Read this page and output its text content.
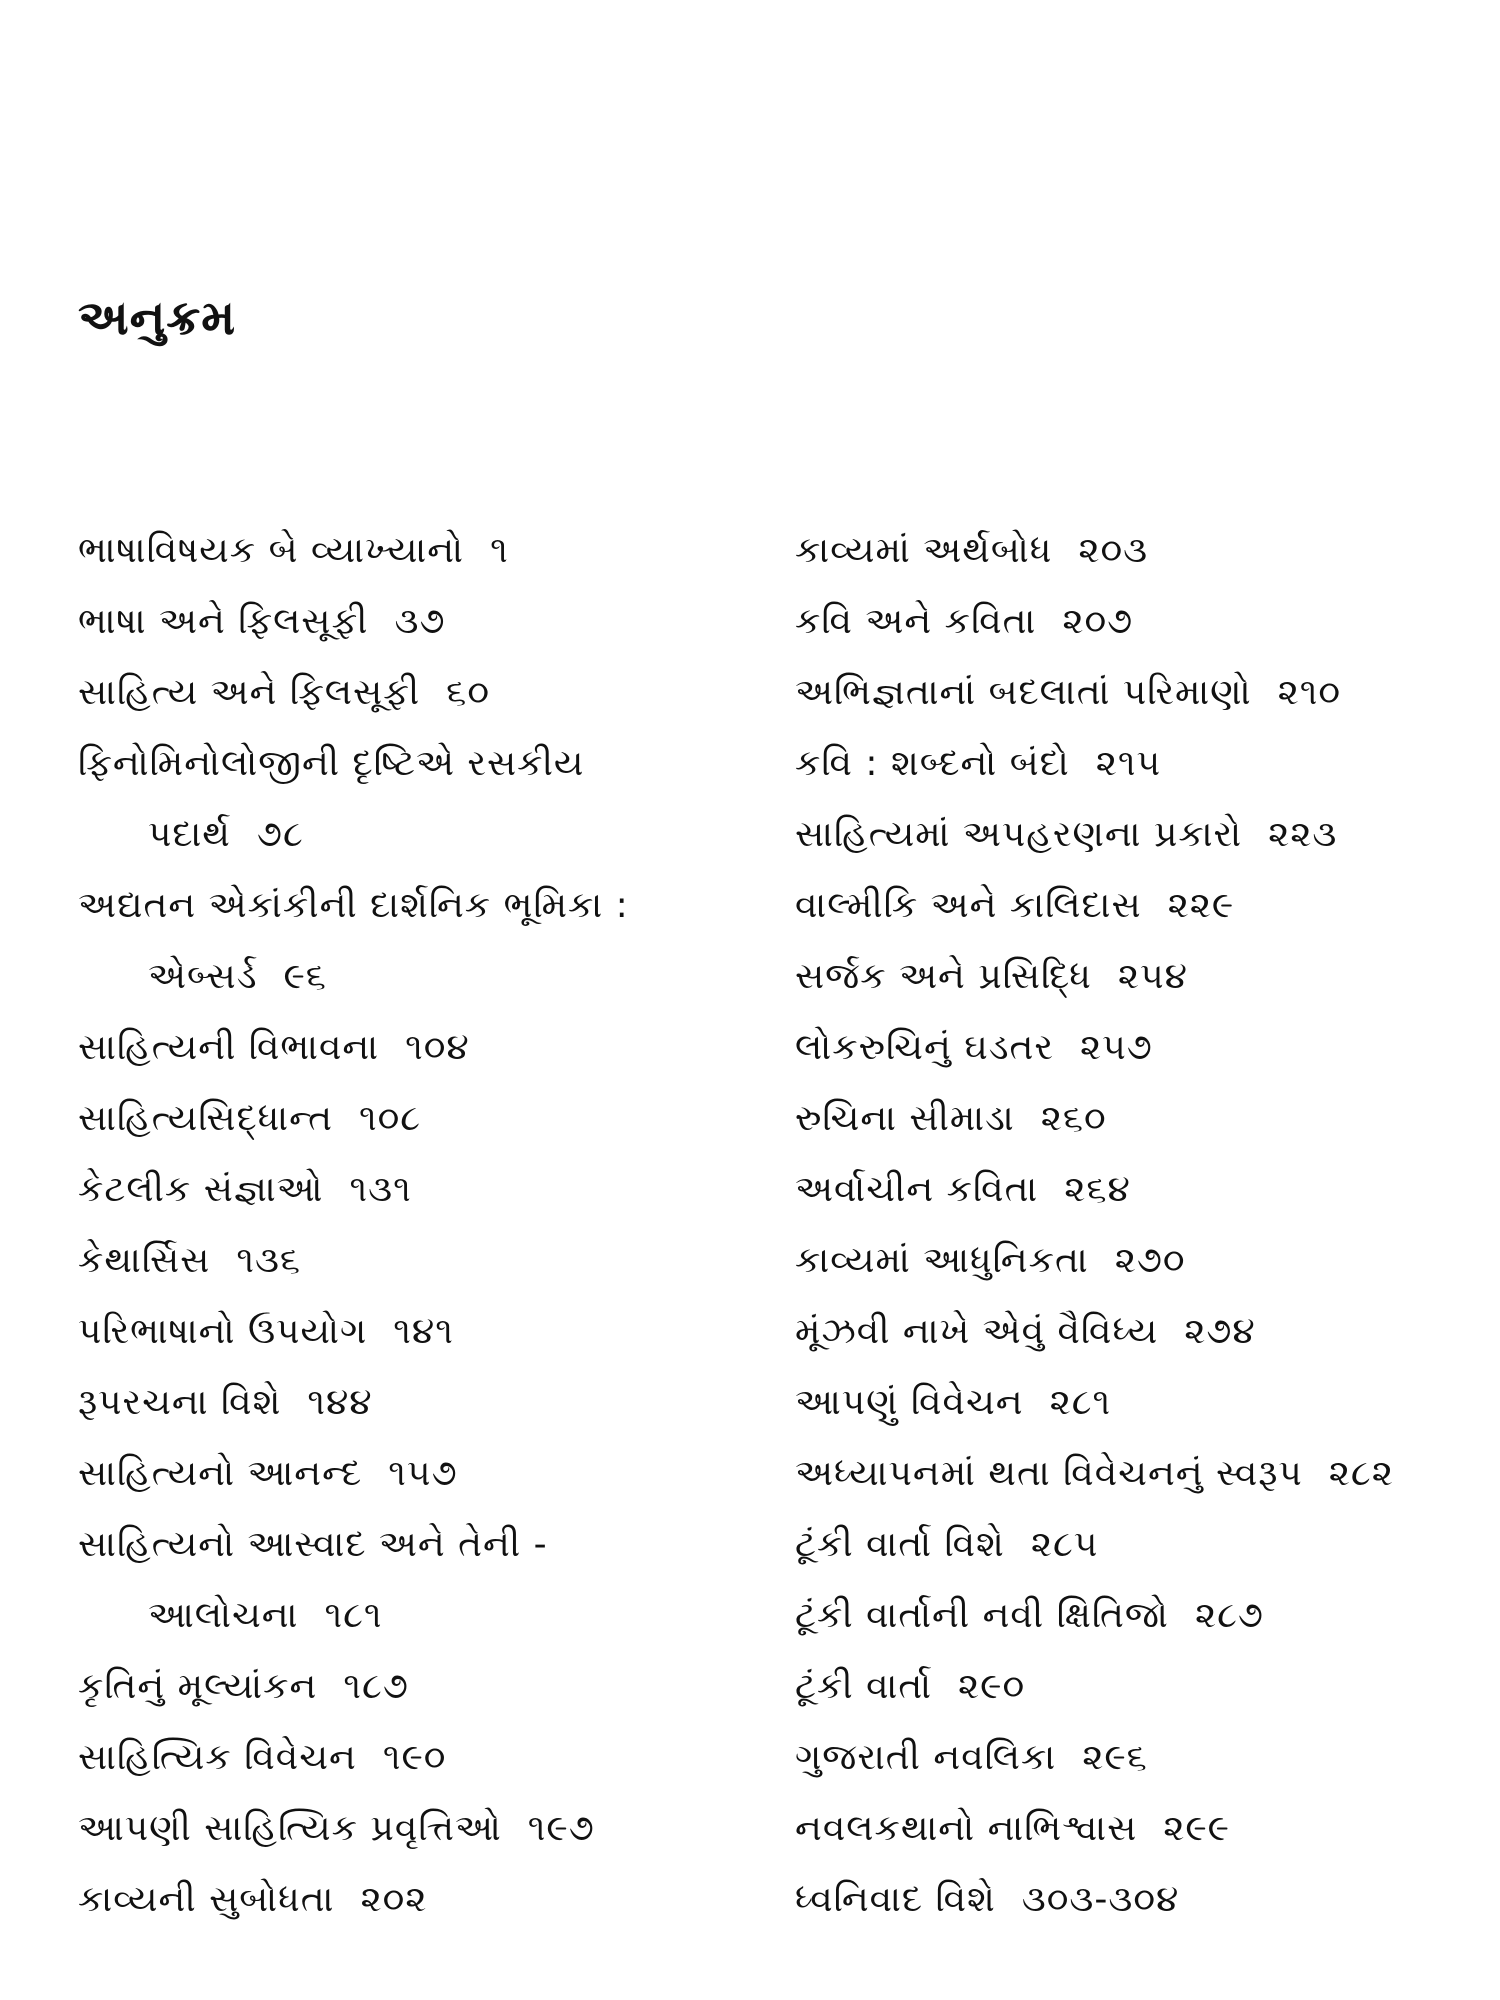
અનુક્રમ
ભાષાવિષયક બે વ્યાખ્યાનો ૧
ભાષા અને ફિલસૂફી ૩૭
સાહિત્ય અને ફિલસૂફી ૬૦
ફિનોમિનોલોજીની દૃષ્ટિએ રસકીય
પદાર્થ ૭૮
અદ્યતન એકાંકીની દાર્શનિક ભૂમિકા :
એબ્સર્ડ ૯૬
સાહિત્યની વિભાવના ૧૦૪
સાહિત્યસિદ્ધાન્ત ૧૦૮
કેટલીક સંજ્ઞાઓ ૧૩૧
કેથાર્સિસ ૧૩૬
પરિભાષાનો ઉપયોગ ૧૪૧
રૂપરચના વિશે ૧૪૪
સાહિત્યનો આનન્દ ૧૫૭
સાહિત્યનો આસ્વાદ અને તેની -
આલોચના ૧૮૧
કૃતિનું મૂલ્યાંકન ૧૮૭
સાહિત્યિક વિવેચન ૧૯૦
આપણી સાહિત્યિક પ્રવૃત્તિઓ ૧૯૭
કાવ્યની સુબોધતા ૨૦૨
કાવ્યમાં અર્થબોધ ૨૦૩
કવિ અને કવિતા ૨૦૭
અભિજ્ઞતાનાં બદલાતાં પરિમાણો ૨૧૦
કવિ : શબ્દનો બંદો ૨૧૫
સાહિત્યમાં અપહરણના પ્રકારો ૨૨૩
વાલ્મીકિ અને કાલિદાસ ૨૨૯
સર્જક અને પ્રસિદ્ધિ ૨૫૪
લોકરુચિનું ઘડતર ૨૫૭
રુચિના સીમાડા ૨૬૦
અર્વાચીન કવિતા ૨૬૪
કાવ્યમાં આધુનિકતા ૨૭૦
મૂંઝવી નાખે એવું વૈવિધ્ય ૨૭૪
આપણું વિવેચન ૨૮૧
અધ્યાપનમાં થતા વિવેચનનું સ્વરૂપ ૨૮૨
ટૂંકી વાર્તા વિશે ૨૮૫
ટૂંકી વાર્તાની નવી ક્ષિતિજો ૨૮૭
ટૂંકી વાર્તા ૨૯૦
ગુજરાતી નવલિકા ૨૯૬
નવલકથાનો નાભિશ્વાસ ૨૯૯
ધ્વનિવાદ વિશે ૩૦૩-૩૦૪
